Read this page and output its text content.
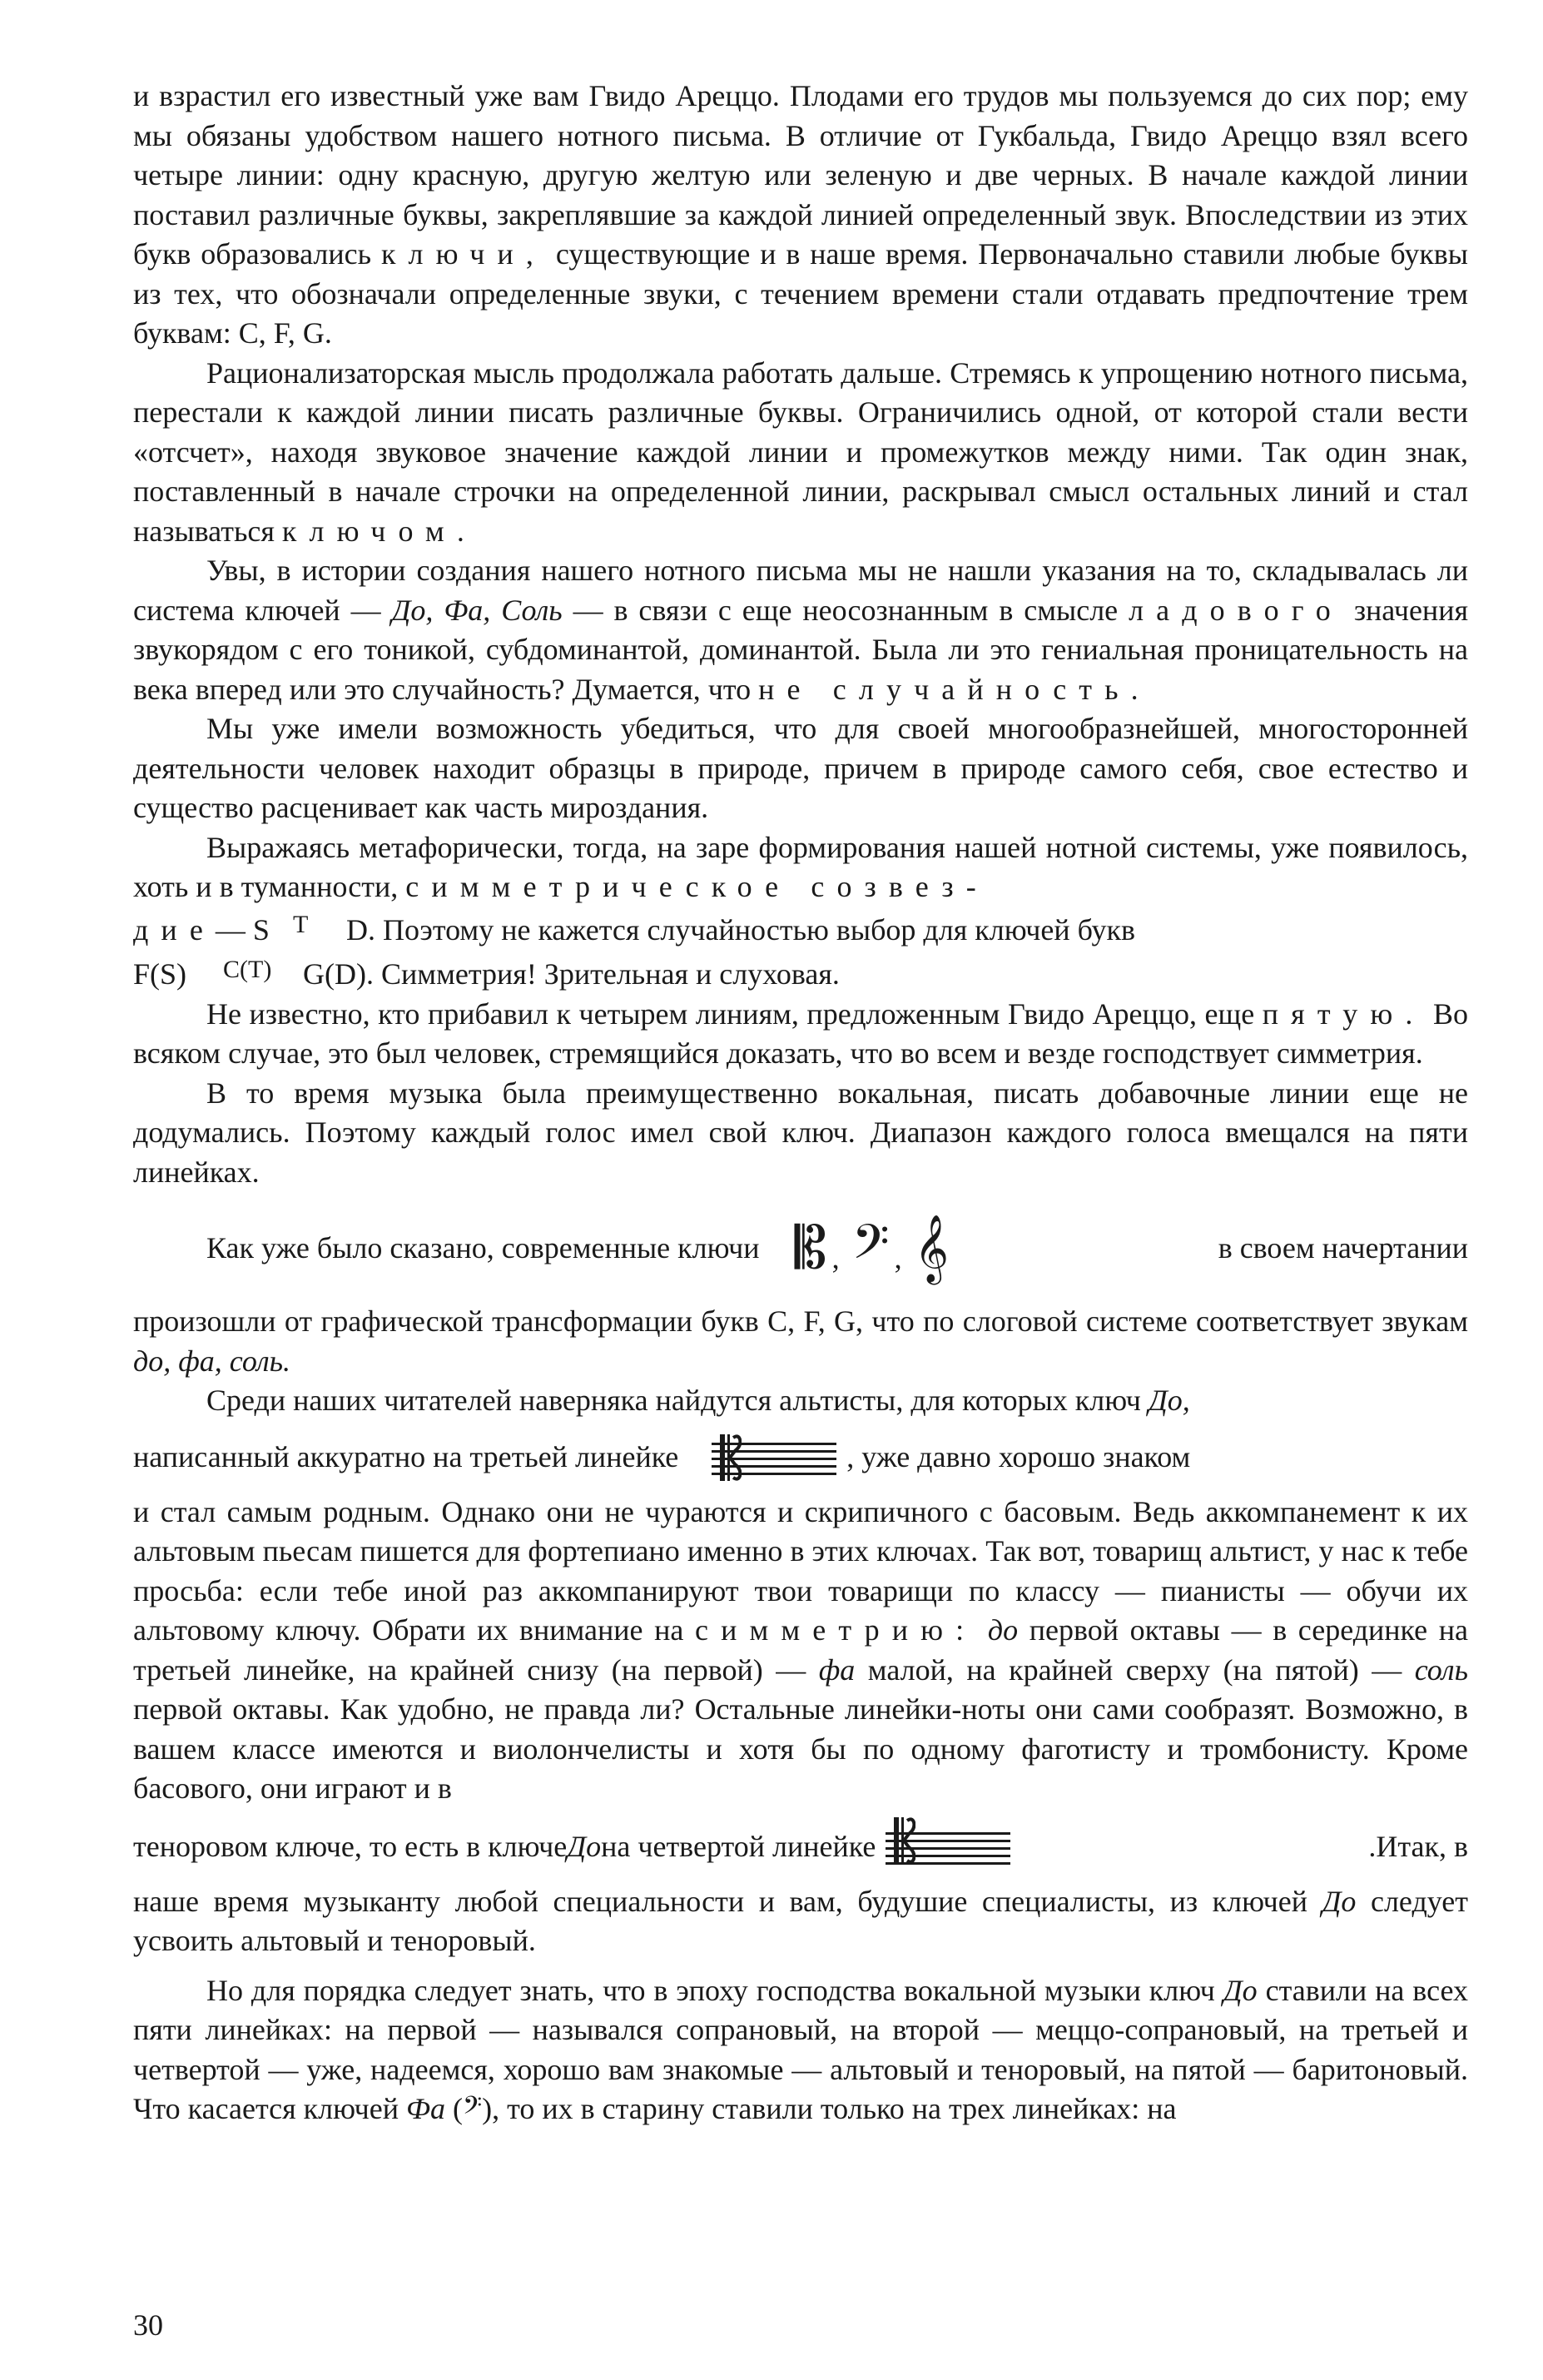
и взрастил его известный уже вам Гвидо Ареццо. Плодами его трудов мы пользуемся до сих пор; ему мы обязаны удобством нашего нотного письма. В отличие от Гукбальда, Гвидо Ареццо взял всего четыре линии: одну красную, другую желтую или зеленую и две черных. В начале каждой линии поставил различные буквы, закреплявшие за каждой линией определенный звук. Впоследствии из этих букв образовались ключи, существующие и в наше время. Первоначально ставили любые буквы из тех, что обозначали определенные звуки, с течением времени стали отдавать предпочтение трем буквам: С, F, G.

Рационализаторская мысль продолжала работать дальше. Стремясь к упрощению нотного письма, перестали к каждой линии писать различные буквы. Ограничились одной, от которой стали вести «отсчет», находя звуковое значение каждой линии и промежутков между ними. Так один знак, поставленный в начале строчки на определенной линии, раскрывал смысл остальных линий и стал называться ключом.

Увы, в истории создания нашего нотного письма мы не нашли указания на то, складывалась ли система ключей — До, Фа, Соль — в связи с еще неосознанным в смысле ладового значения звукорядом с его тоникой, субдоминантой, доминантой. Была ли это гениальная проницательность на века вперед или это случайность? Думается, что не случайность.

Мы уже имели возможность убедиться, что для своей многообразнейшей, многосторонней деятельности человек находит образцы в природе, причем в природе самого себя, свое естество и существо расценивает как часть мироздания.

Выражаясь метафорически, тогда, на заре формирования нашей нотной системы, уже появилось, хоть и в туманности, симметрическое созвез-

дие — S T D. Поэтому не кажется случайностью выбор для ключей букв
F(S) C(T) G(D). Симметрия! Зрительная и слуховая.

Не известно, кто прибавил к четырем линиям, предложенным Гвидо Ареццо, еще пятую. Во всяком случае, это был человек, стремящийся доказать, что во всем и везде господствует симметрия.

В то время музыка была преимущественно вокальная, писать добавочные линии еще не додумались. Поэтому каждый голос имел свой ключ. Диапазон каждого голоса вмещался на пяти линейках.

Как уже было сказано, современные ключи 𝄡 , 𝄢 , 𝄞	в своем начертании

произошли от графической трансформации букв С, F, G, что по слоговой системе соответствует звукам до, фа, соль.

Среди наших читателей наверняка найдутся альтисты, для которых ключ До,

написанный аккуратно на третьей линейке	, уже давно хорошо знаком

и стал самым родным. Однако они не чураются и скрипичного с басовым. Ведь аккомпанемент к их альтовым пьесам пишется для фортепиано именно в этих ключах. Так вот, товарищ альтист, у нас к тебе просьба: если тебе иной раз аккомпанируют твои товарищи по классу — пианисты — обучи их альтовому ключу. Обрати их внимание на симметрию: до первой октавы — в серединке на третьей линейке, на крайней снизу (на первой) — фа малой, на крайней сверху (на пятой) — соль первой октавы. Как удобно, не правда ли? Остальные линейки-ноты они сами сообразят. Возможно, в вашем классе имеются и виолончелисты и хотя бы по одному фаготисту и тромбонисту. Кроме басового, они играют и в

теноровом ключе, то есть в ключе До на четвертой линейке	.Итак, в

наше время музыканту любой специальности и вам, будушие специалисты, из ключей До следует усвоить альтовый и теноровый.

Но для порядка следует знать, что в эпоху господства вокальной музыки ключ До ставили на всех пяти линейках: на первой — назывался сопрановый, на второй — меццо-сопрановый, на третьей и четвертой — уже, надеемся, хорошо вам знакомые — альтовый и теноровый, на пятой — баритоновый. Что касается ключей Фа (𝄢), то их в старину ставили только на трех линейках: на

30
